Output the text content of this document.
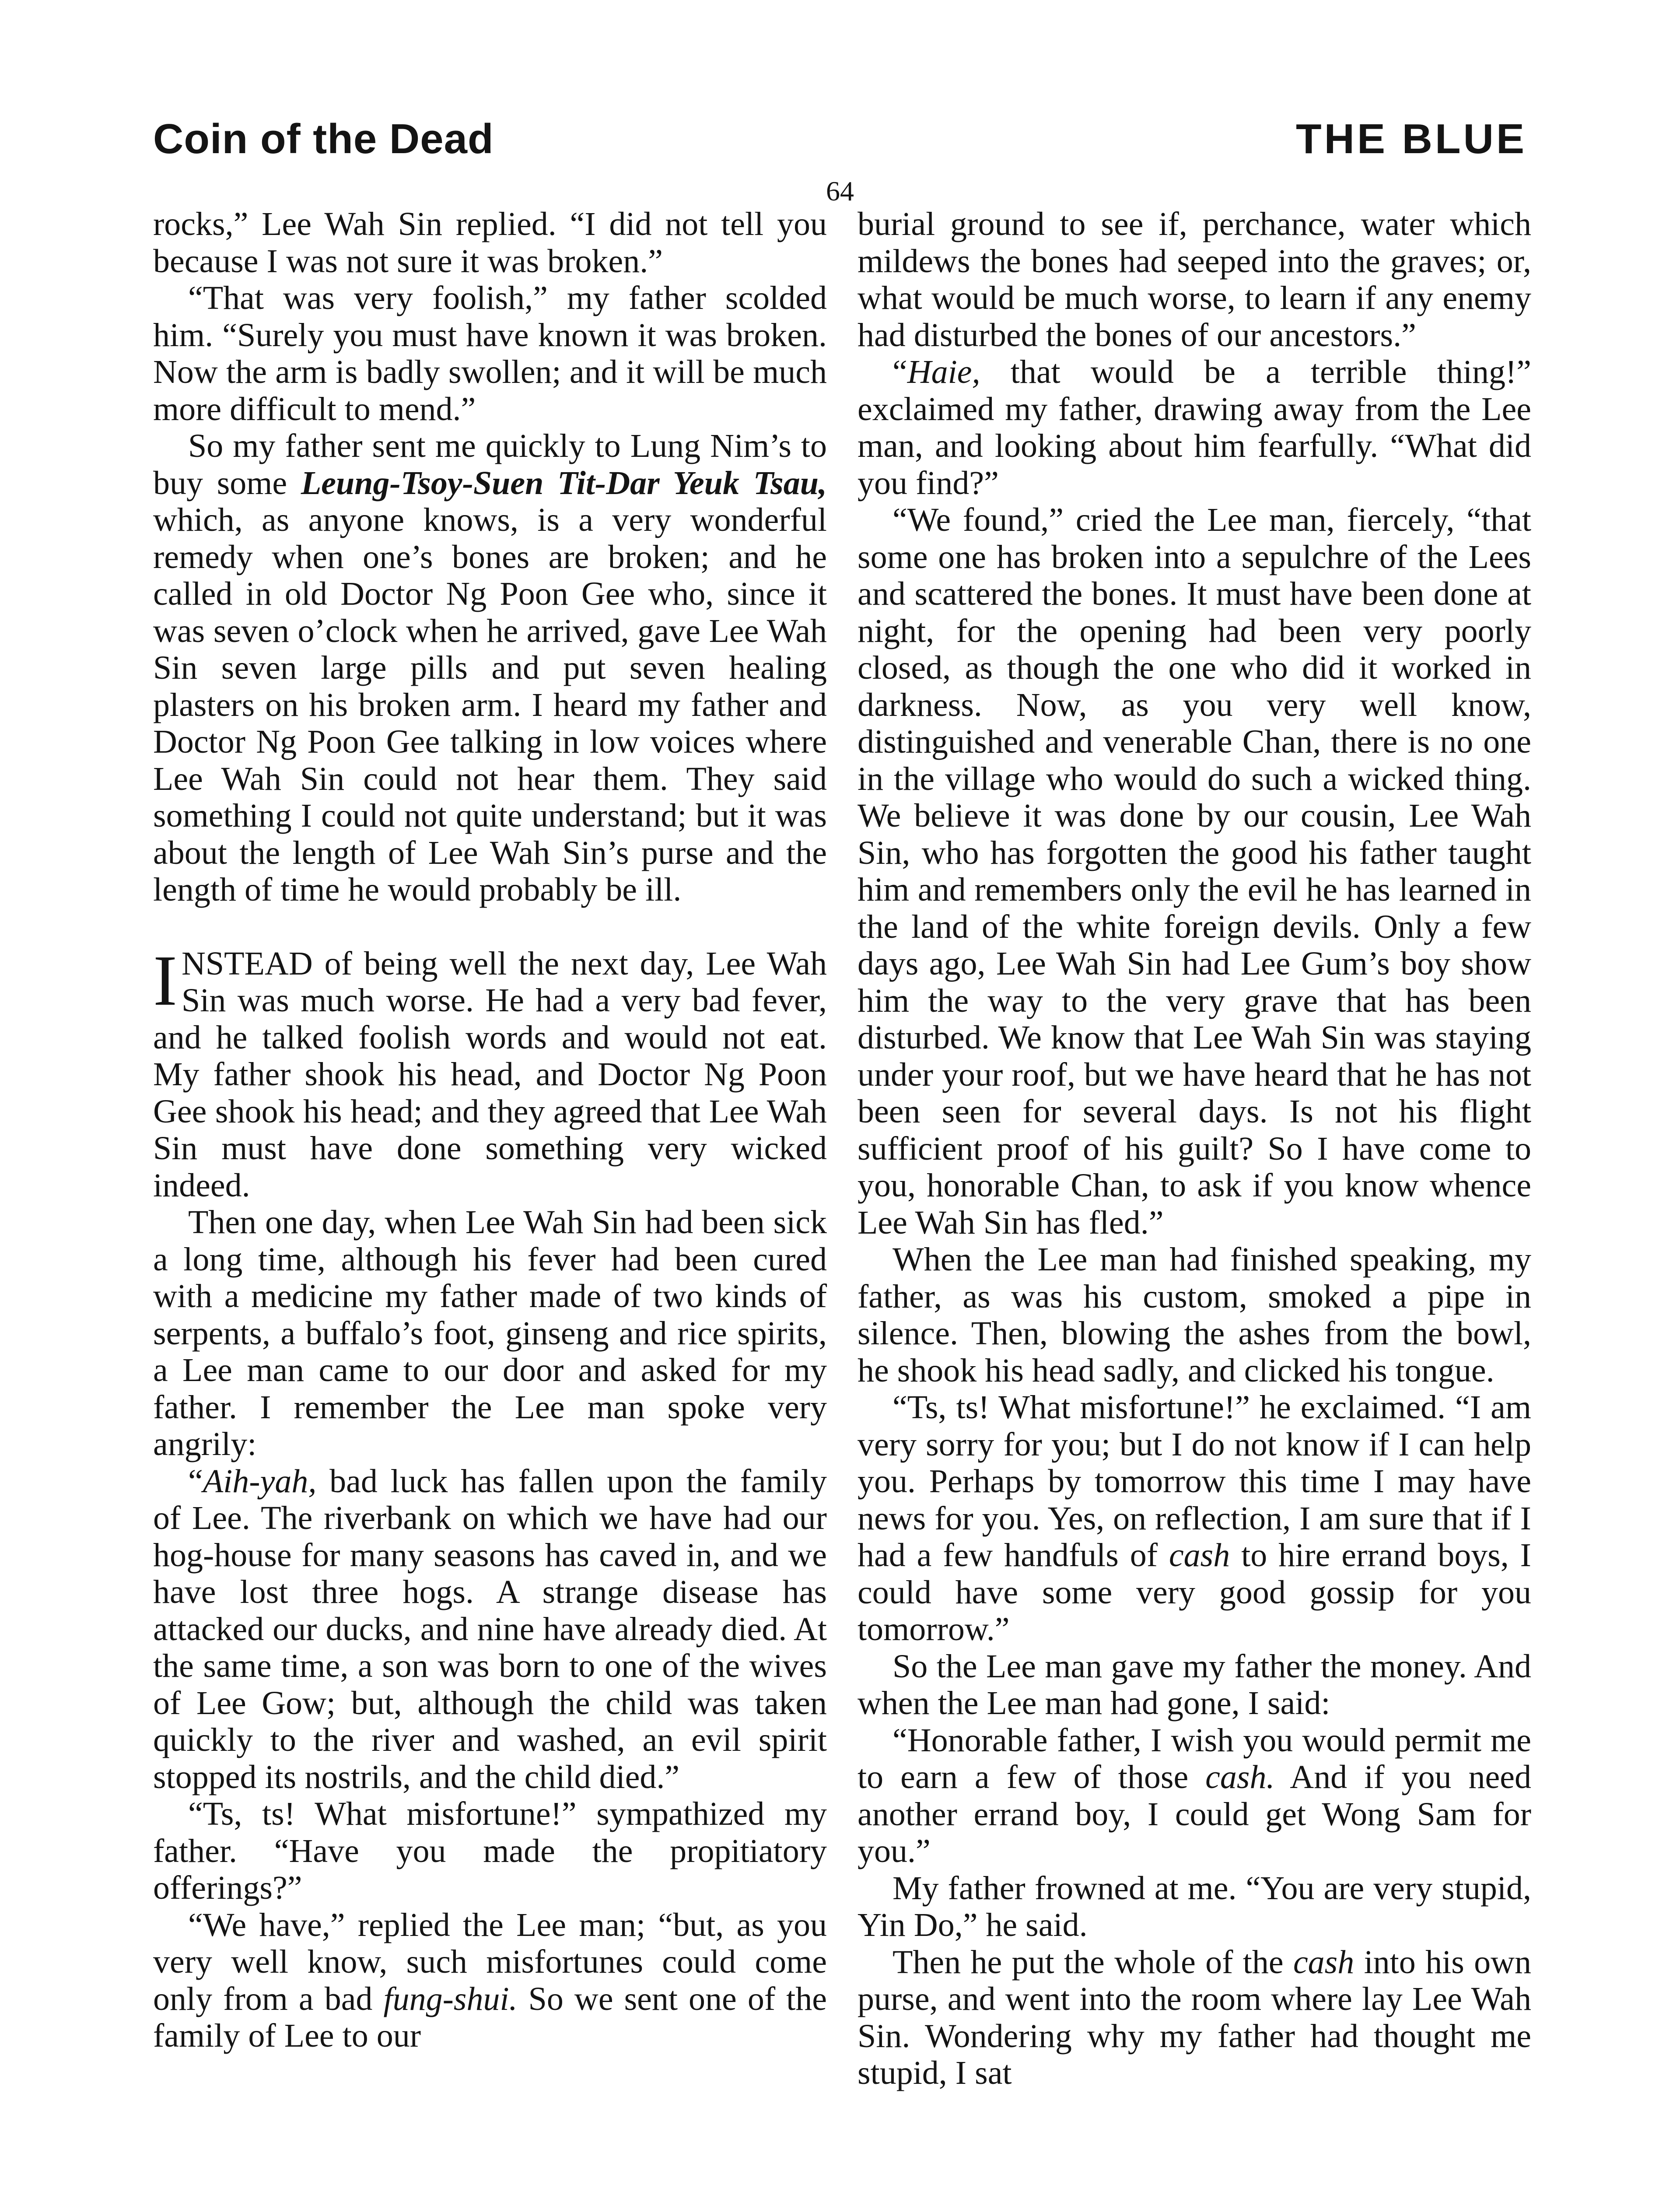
Coin of the Dead	THE BLUE
64

rocks,” Lee Wah Sin replied. “I did not tell you because I was not sure it was broken.”

“That was very foolish,” my father scolded him. “Surely you must have known it was broken. Now the arm is badly swollen; and it will be much more difficult to mend.”

So my father sent me quickly to Lung Nim’s to buy some Leung-Tsoy-Suen Tit-Dar Yeuk Tsau, which, as anyone knows, is a very wonderful remedy when one’s bones are broken; and he called in old Doctor Ng Poon Gee who, since it was seven o’clock when he arrived, gave Lee Wah Sin seven large pills and put seven healing plasters on his broken arm. I heard my father and Doctor Ng Poon Gee talking in low voices where Lee Wah Sin could not hear them. They said something I could not quite understand; but it was about the length of Lee Wah Sin’s purse and the length of time he would probably be ill.

INSTEAD of being well the next day, Lee Wah Sin was much worse. He had a very bad fever, and he talked foolish words and would not eat. My father shook his head, and Doctor Ng Poon Gee shook his head; and they agreed that Lee Wah Sin must have done something very wicked indeed.

Then one day, when Lee Wah Sin had been sick a long time, although his fever had been cured with a medicine my father made of two kinds of serpents, a buffalo’s foot, ginseng and rice spirits, a Lee man came to our door and asked for my father. I remember the Lee man spoke very angrily:

“Aih-yah, bad luck has fallen upon the family of Lee. The riverbank on which we have had our hog-house for many seasons has caved in, and we have lost three hogs. A strange disease has attacked our ducks, and nine have already died. At the same time, a son was born to one of the wives of Lee Gow; but, although the child was taken quickly to the river and washed, an evil spirit stopped its nostrils, and the child died.”

“Ts, ts! What misfortune!” sympathized my father. “Have you made the propitiatory offerings?”

“We have,” replied the Lee man; “but, as you very well know, such misfortunes could come only from a bad fung-shui. So we sent one of the family of Lee to our

burial ground to see if, perchance, water which mildews the bones had seeped into the graves; or, what would be much worse, to learn if any enemy had disturbed the bones of our ancestors.”

“Haie, that would be a terrible thing!” exclaimed my father, drawing away from the Lee man, and looking about him fearfully. “What did you find?”

“We found,” cried the Lee man, fiercely, “that some one has broken into a sepulchre of the Lees and scattered the bones. It must have been done at night, for the opening had been very poorly closed, as though the one who did it worked in darkness. Now, as you very well know, distinguished and venerable Chan, there is no one in the village who would do such a wicked thing. We believe it was done by our cousin, Lee Wah Sin, who has forgotten the good his father taught him and remembers only the evil he has learned in the land of the white foreign devils. Only a few days ago, Lee Wah Sin had Lee Gum’s boy show him the way to the very grave that has been disturbed. We know that Lee Wah Sin was staying under your roof, but we have heard that he has not been seen for several days. Is not his flight sufficient proof of his guilt? So I have come to you, honorable Chan, to ask if you know whence Lee Wah Sin has fled.”

When the Lee man had finished speaking, my father, as was his custom, smoked a pipe in silence. Then, blowing the ashes from the bowl, he shook his head sadly, and clicked his tongue.

“Ts, ts! What misfortune!” he exclaimed. “I am very sorry for you; but I do not know if I can help you. Perhaps by tomorrow this time I may have news for you. Yes, on reflection, I am sure that if I had a few handfuls of cash to hire errand boys, I could have some very good gossip for you tomorrow.”

So the Lee man gave my father the money. And when the Lee man had gone, I said:

“Honorable father, I wish you would permit me to earn a few of those cash. And if you need another errand boy, I could get Wong Sam for you.”

My father frowned at me. “You are very stupid, Yin Do,” he said.

Then he put the whole of the cash into his own purse, and went into the room where lay Lee Wah Sin. Wondering why my father had thought me stupid, I sat
